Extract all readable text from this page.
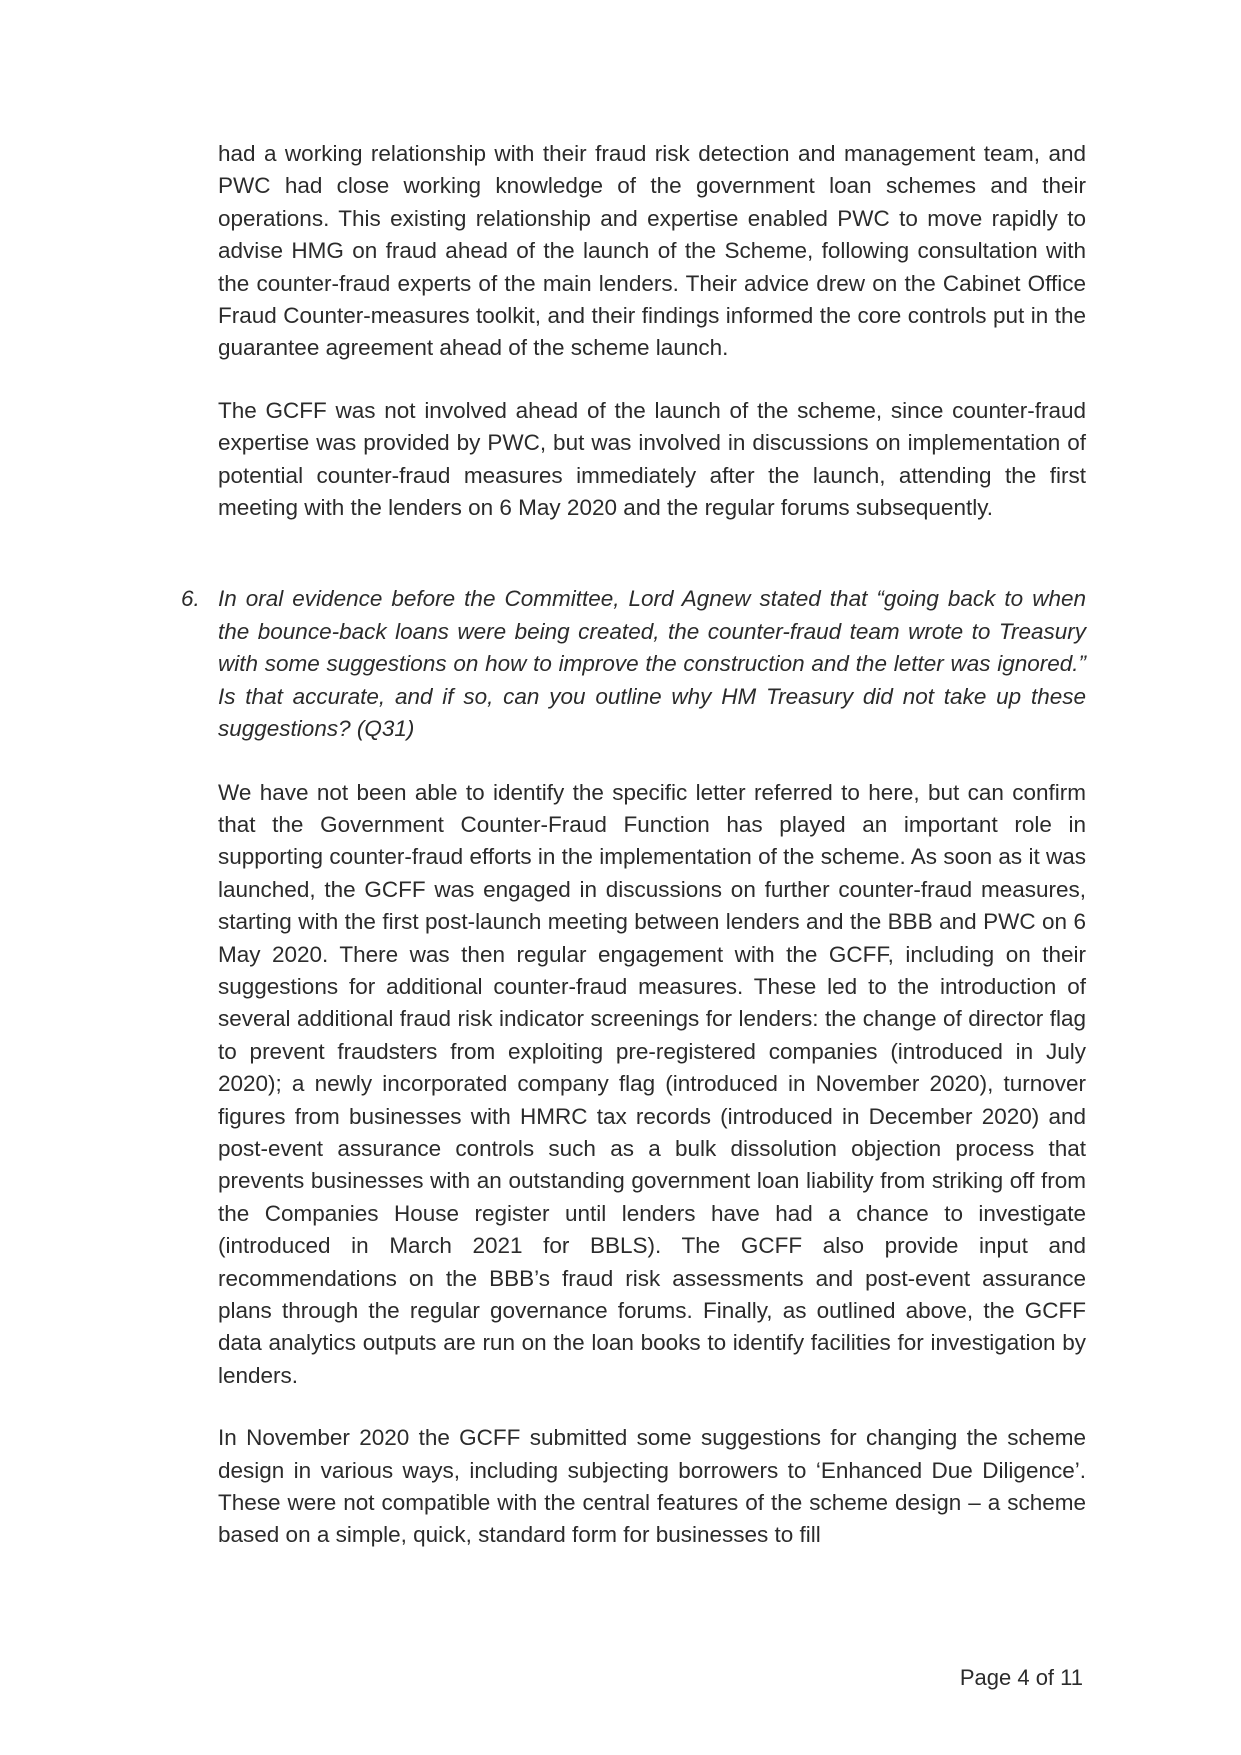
had a working relationship with their fraud risk detection and management team, and PWC had close working knowledge of the government loan schemes and their operations. This existing relationship and expertise enabled PWC to move rapidly to advise HMG on fraud ahead of the launch of the Scheme, following consultation with the counter-fraud experts of the main lenders. Their advice drew on the Cabinet Office Fraud Counter-measures toolkit, and their findings informed the core controls put in the guarantee agreement ahead of the scheme launch.

The GCFF was not involved ahead of the launch of the scheme, since counter-fraud expertise was provided by PWC, but was involved in discussions on implementation of potential counter-fraud measures immediately after the launch, attending the first meeting with the lenders on 6 May 2020 and the regular forums subsequently.

6. In oral evidence before the Committee, Lord Agnew stated that “going back to when the bounce-back loans were being created, the counter-fraud team wrote to Treasury with some suggestions on how to improve the construction and the letter was ignored.” Is that accurate, and if so, can you outline why HM Treasury did not take up these suggestions? (Q31)

We have not been able to identify the specific letter referred to here, but can confirm that the Government Counter-Fraud Function has played an important role in supporting counter-fraud efforts in the implementation of the scheme. As soon as it was launched, the GCFF was engaged in discussions on further counter-fraud measures, starting with the first post-launch meeting between lenders and the BBB and PWC on 6 May 2020. There was then regular engagement with the GCFF, including on their suggestions for additional counter-fraud measures. These led to the introduction of several additional fraud risk indicator screenings for lenders: the change of director flag to prevent fraudsters from exploiting pre-registered companies (introduced in July 2020); a newly incorporated company flag (introduced in November 2020), turnover figures from businesses with HMRC tax records (introduced in December 2020) and post-event assurance controls such as a bulk dissolution objection process that prevents businesses with an outstanding government loan liability from striking off from the Companies House register until lenders have had a chance to investigate (introduced in March 2021 for BBLS). The GCFF also provide input and recommendations on the BBB’s fraud risk assessments and post-event assurance plans through the regular governance forums. Finally, as outlined above, the GCFF data analytics outputs are run on the loan books to identify facilities for investigation by lenders.

In November 2020 the GCFF submitted some suggestions for changing the scheme design in various ways, including subjecting borrowers to ‘Enhanced Due Diligence’. These were not compatible with the central features of the scheme design – a scheme based on a simple, quick, standard form for businesses to fill

Page 4 of 11
